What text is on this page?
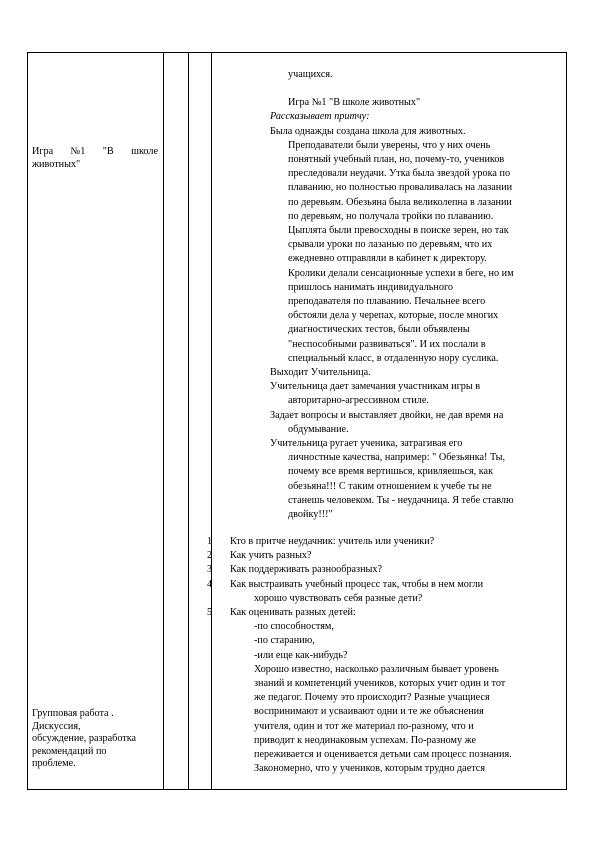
Игра №1 "В школе
животных"
Групповая работа .
Дискуссия,
обсуждение, разработка
рекомендаций по
проблеме.
учащихся.
Игра №1 "В школе животных"
Рассказывает притчу:
Была однажды создана школа для животных.
Преподаватели были уверены, что у них очень
понятный учебный план, но, почему-то, учеников
преследовали неудачи. Утка была звездой урока по
плаванию, но полностью проваливалась на лазании
по деревьям. Обезьяна была великолепна в лазании
по деревьям, но получала тройки по плаванию.
Цыплята были превосходны в поиске зерен, но так
срывали уроки по лазанью по деревьям, что их
ежедневно отправляли в кабинет к директору.
Кролики делали сенсационные успехи в беге, но им
пришлось нанимать индивидуального
преподавателя по плаванию. Печальнее всего
обстояли дела у черепах, которые, после многих
диагностических тестов, были объявлены
"неспособными развиваться". И их послали в
специальный класс, в отдаленную нору суслика.
Выходит Учительница.
Учительница дает замечания участникам игры в
авторитарно-агрессивном стиле.
Задает вопросы и выставляет двойки, не дав время на
обдумывание.
Учительница ругает ученика, затрагивая его
личностные качества, например: " Обезьянка! Ты,
почему все время вертишься, кривляешься, как
обезьяна!!! С таким отношением к учебе ты не
станешь человеком. Ты - неудачница. Я тебе ставлю
двойку!!!"
1	Кто в притче неудачник: учитель или ученики?
2	Как учить разных?
3	Как поддерживать разнообразных?
4	Как выстраивать учебный процесс так, чтобы в нем могли
хорошо чувствовать себя разные дети?
5	Как оценивать разных детей:
-по способностям,
-по старанию,
-или еще как-нибудь?
Хорошо известно, насколько различным бывает уровень
знаний и компетенций учеников, которых учит один и тот
же педагог. Почему это происходит? Разные учащиеся
воспринимают и усваивают одни и те же объяснения
учителя, один и тот же материал по-разному, что и
приводит к неодинаковым успехам. По-разному же
переживается и оценивается детьми сам процесс познания.
Закономерно, что у учеников, которым трудно дается
